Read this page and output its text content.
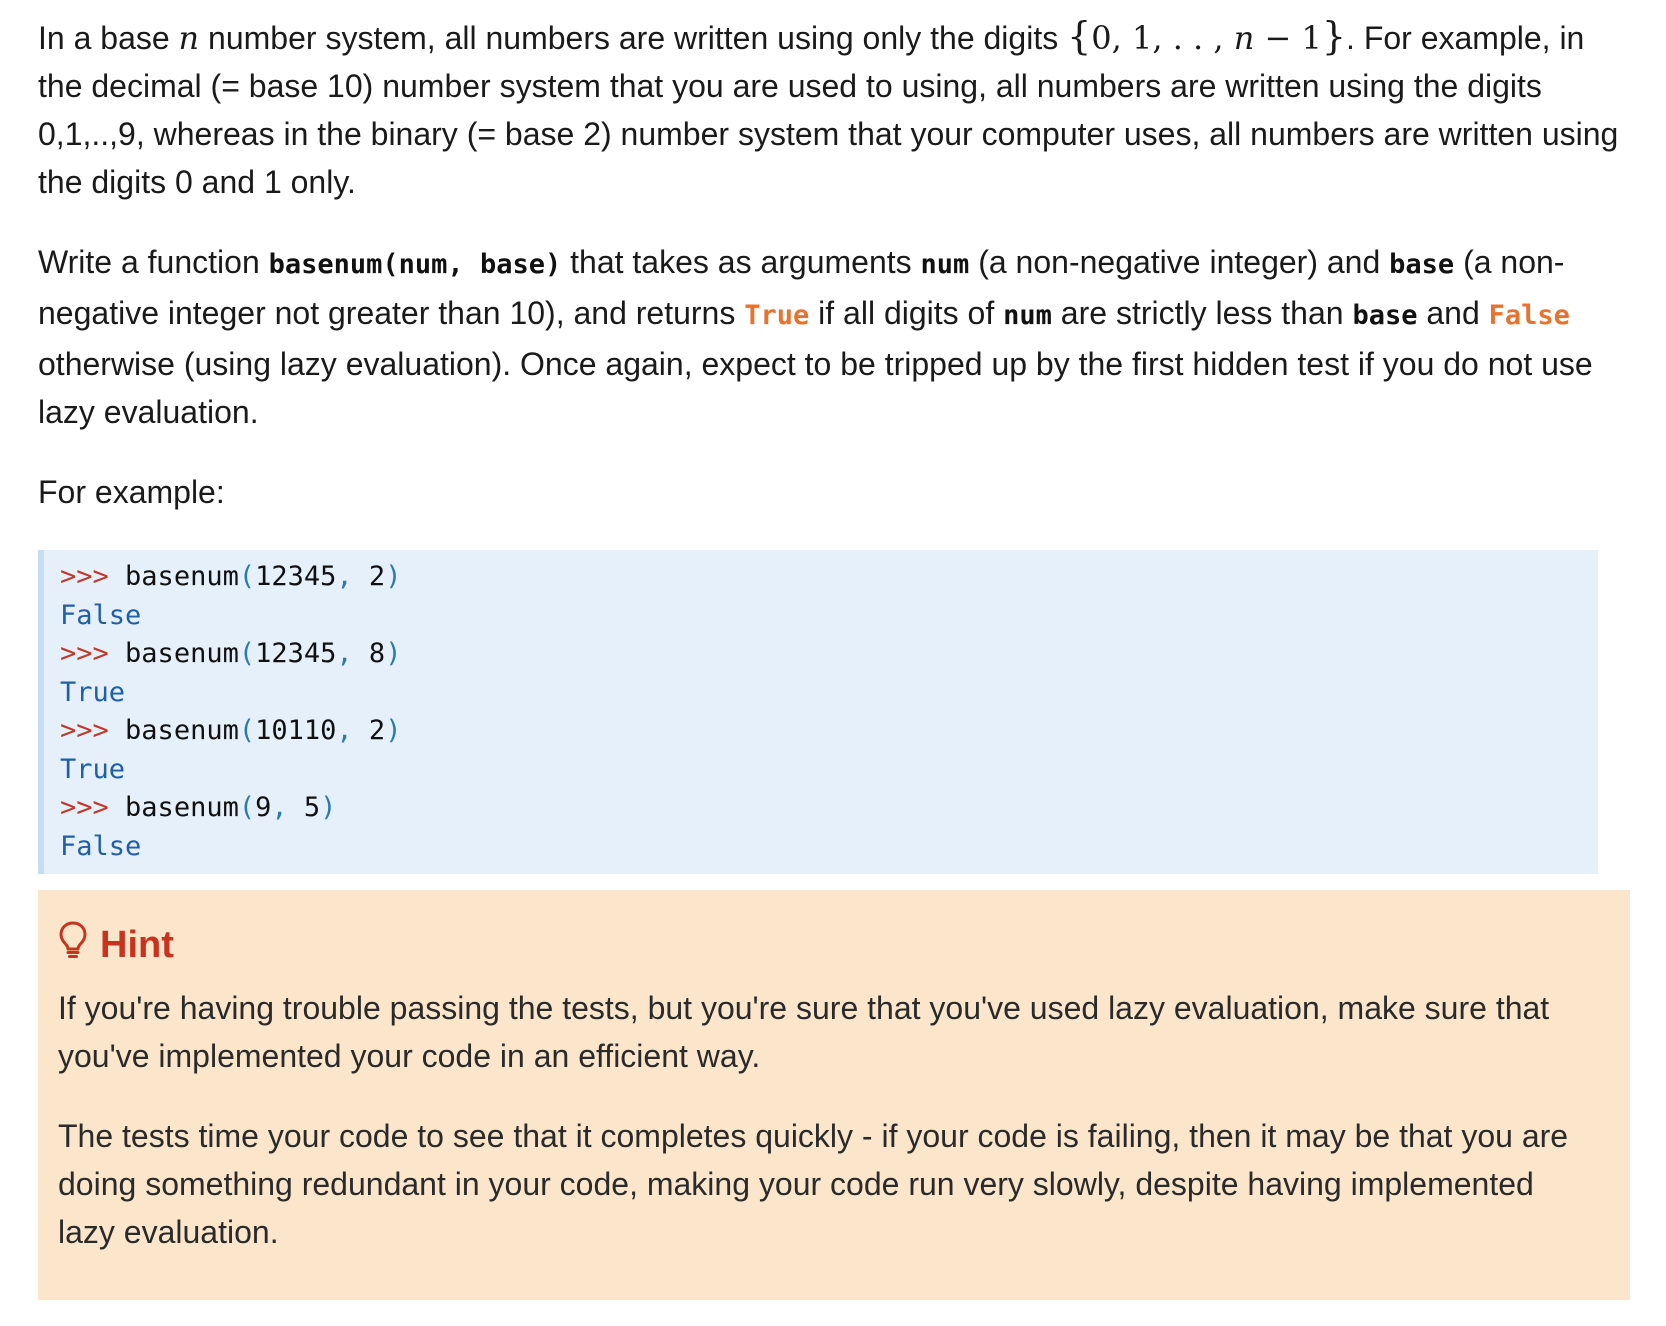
In a base n number system, all numbers are written using only the digits {0, 1, . . , n − 1}. For example, in the decimal (= base 10) number system that you are used to using, all numbers are written using the digits 0,1,..,9, whereas in the binary (= base 2) number system that your computer uses, all numbers are written using the digits 0 and 1 only.

Write a function basenum(num, base) that takes as arguments num (a non-negative integer) and base (a non-negative integer not greater than 10), and returns True if all digits of num are strictly less than base and False otherwise (using lazy evaluation). Once again, expect to be tripped up by the first hidden test if you do not use lazy evaluation.

For example:

>>> basenum(12345, 2)
False
>>> basenum(12345, 8)
True
>>> basenum(10110, 2)
True
>>> basenum(9, 5)
False
Hint

If you're having trouble passing the tests, but you're sure that you've used lazy evaluation, make sure that you've implemented your code in an efficient way.

The tests time your code to see that it completes quickly - if your code is failing, then it may be that you are doing something redundant in your code, making your code run very slowly, despite having implemented lazy evaluation.
